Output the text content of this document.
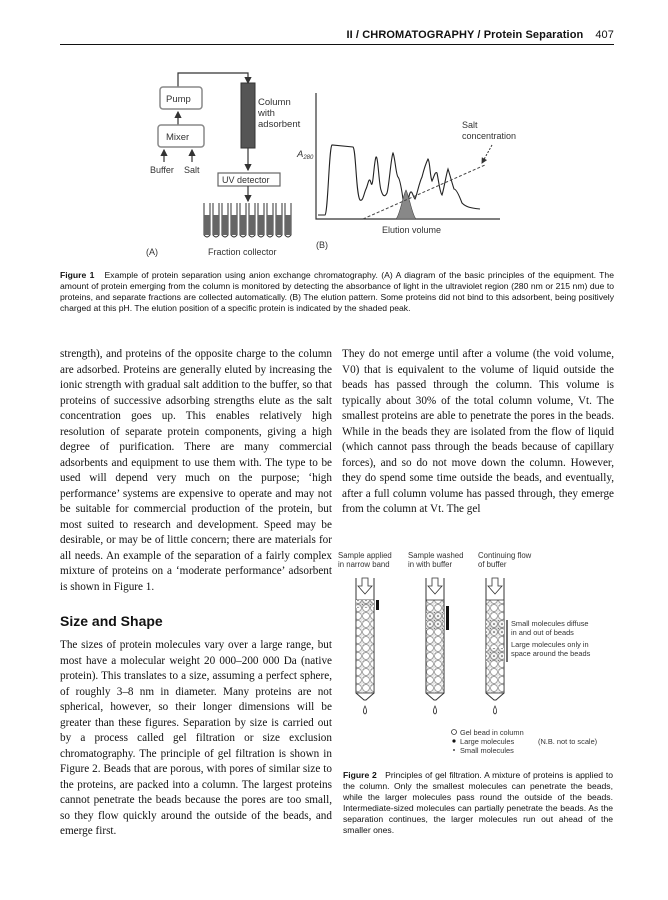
II / CHROMATOGRAPHY / Protein Separation 407
Pump
Mixer
Buffer Salt
Column
with
adsorbent
UV detector
Fraction collector
(A)
$A_{280}$
Salt
concentration
Elution volume
(B)
Figure 1 Example of protein separation using anion exchange chromatography. (A) A diagram of the basic principles of the equipment. The amount of protein emerging from the column is monitored by detecting the absorbance of light in the ultraviolet region (280 nm or 215 nm) due to proteins, and separate fractions are collected automatically. (B) The elution pattern. Some proteins did not bind to this adsorbent, being positively charged at this pH. The elution position of a specific protein is indicated by the shaded peak.

strength), and proteins of the opposite charge to the column are adsorbed. Proteins are generally eluted by increasing the ionic strength with gradual salt addition to the buffer, so that proteins of successive adsorbing strengths elute as the salt concentration goes up. This enables relatively high resolution of separate protein components, giving a high degree of purification. There are many commercial adsorbents and equipment to use them with. The type to be used will depend very much on the purpose; ‘high performance’ systems are expensive to operate and may not be suitable for commercial production of the protein, but most suited to research and development. Speed may be desirable, or may be of little concern; there are materials for all needs. An example of the separation of a fairly complex mixture of proteins on a ‘moderate performance’ adsorbent is shown in Figure 1.

Size and Shape

The sizes of protein molecules vary over a large range, but most have a molecular weight 20 000–200 000 Da (native protein). This translates to a size, assuming a perfect sphere, of roughly 3–8 nm in diameter. Many proteins are not spherical, however, so their longer dimensions will be greater than these figures. Separation by size is carried out by a process called gel filtration or size exclusion chromatography. The principle of gel filtration is shown in Figure 2. Beads that are porous, with pores of similar size to the proteins, are packed into a column. The largest proteins cannot penetrate the beads because the pores are too small, so they flow quickly around the outside of the beads, and emerge first.

They do not emerge until after a volume (the void volume, V0) that is equivalent to the volume of liquid outside the beads has passed through the column. This volume is typically about 30% of the total column volume, Vt. The smallest proteins are able to penetrate the pores in the beads. While in the beads they are isolated from the flow of liquid (which cannot pass through the beads because of capillary forces), and so do not move down the column. However, they do spend some time outside the beads, and eventually, after a full column volume has passed through, they emerge from the column at Vt. The gel

Sample applied
in narrow band
Sample washed
in with buffer
Continuing flow
of buffer
Small molecules diffuse
in and out of beads
Large molecules only in
space around the beads
Gel bead in column
Large molecules	(N.B. not to scale)
Small molecules
Figure 2 Principles of gel filtration. A mixture of proteins is applied to the column. Only the smallest molecules can penetrate the beads, while the larger molecules pass round the outside of the beads. Intermediate-sized molecules can partially penetrate the beads. As the separation continues, the larger molecules run out ahead of the smaller ones.
